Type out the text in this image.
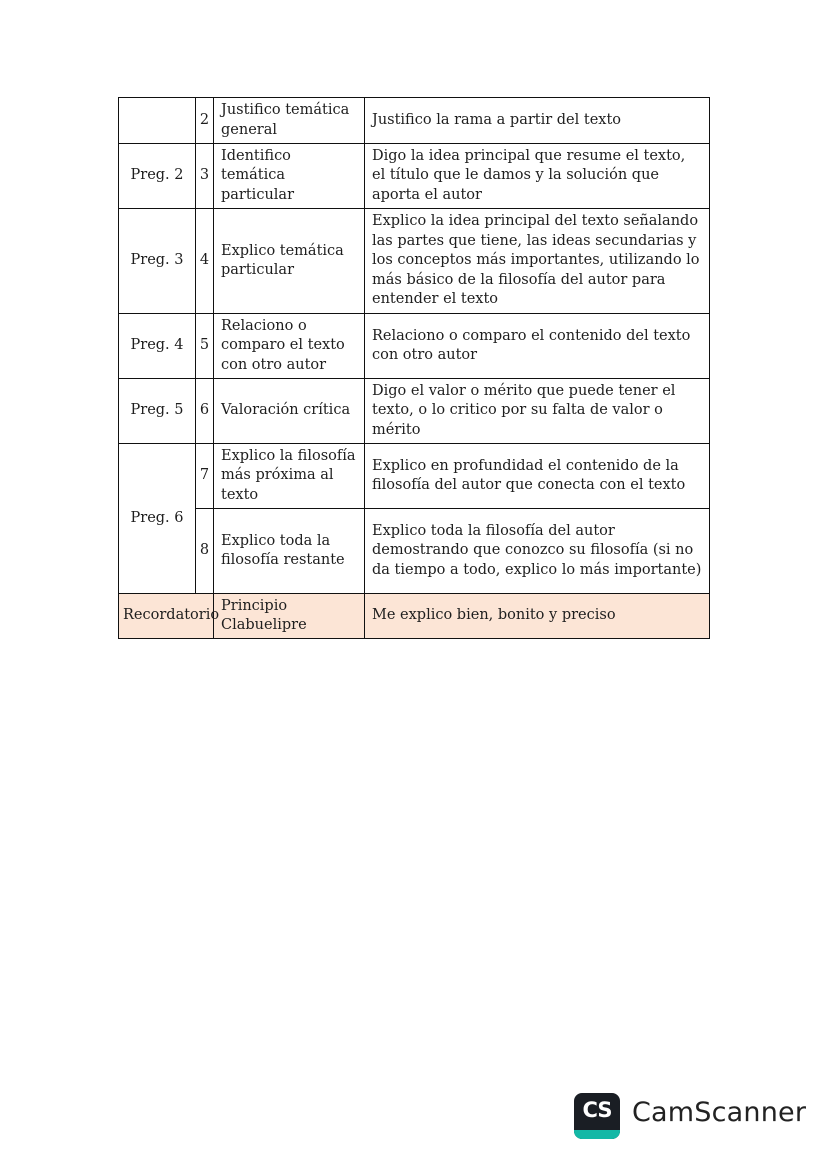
	2	Justifico temática general	Justifico la rama a partir del texto
Preg. 2	3	Identifico temática particular	Digo la idea principal que resume el texto, el título que le damos y la solución que aporta el autor
Preg. 3	4	Explico temática particular	Explico la idea principal del texto señalando las partes que tiene, las ideas secundarias y los conceptos más importantes, utilizando lo más básico de la filosofía del autor para entender el texto
Preg. 4	5	Relaciono o comparo el texto con otro autor	Relaciono o comparo el contenido del texto con otro autor
Preg. 5	6	Valoración crítica	Digo el valor o mérito que puede tener el texto, o lo critico por su falta de valor o mérito
Preg. 6	7	Explico la filosofía más próxima al texto	Explico en profundidad el contenido de la filosofía del autor que conecta con el texto
	8	Explico toda la filosofía restante	Explico toda la filosofía del autor demostrando que conozco su filosofía (si no da tiempo a todo, explico lo más importante)
Recordatorio		Principio Clabuelipre	Me explico bien, bonito y preciso
CS CamScanner
